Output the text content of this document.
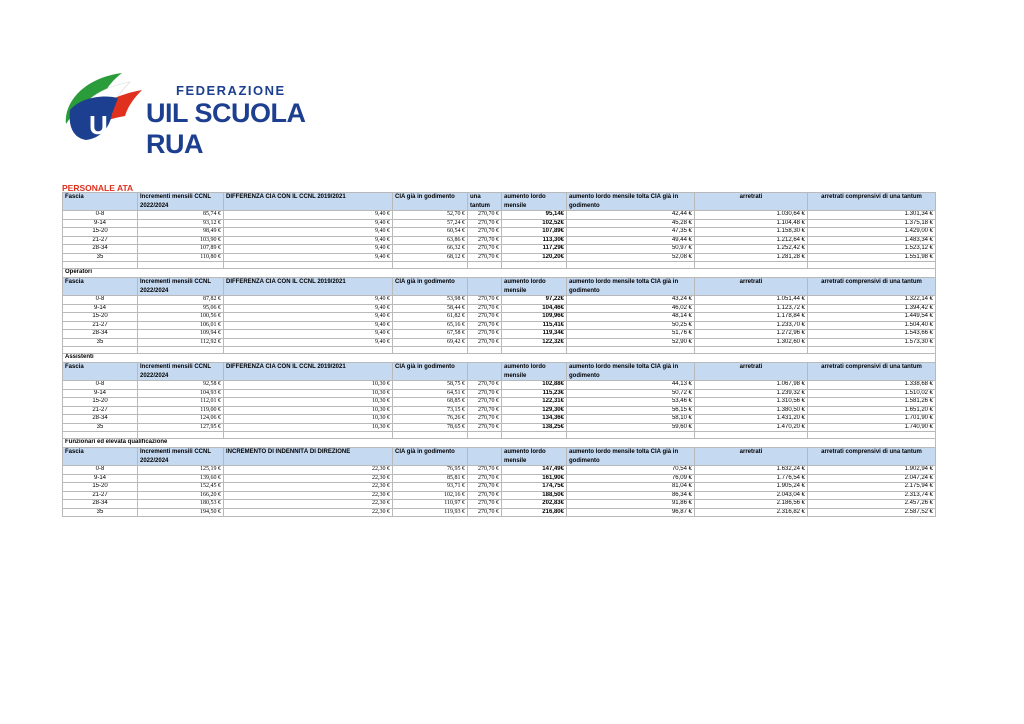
U
FEDERAZIONE
UIL SCUOLA RUA
PERSONALE ATA
Fascia	Incrementi mensili CCNL 2022/2024	DIFFERENZA CIA CON IL CCNL 2019/2021	CIA già in godimento	una tantum	aumento lordo mensile	aumento lordo mensile tolta CIA già in godimento	arretrati	arretrati comprensivi di una tantum
0-8	85,74 €	9,40 €	52,70 €	270,70 €	95,14€	42,44 €	1.030,64 €	1.301,34 €
9-14	93,12 €	9,40 €	57,24 €	270,70 €	102,52€	45,28 €	1.104,48 €	1.375,18 €
15-20	98,49 €	9,40 €	60,54 €	270,70 €	107,89€	47,35 €	1.158,30 €	1.429,00 €
21-27	103,90 €	9,40 €	63,86 €	270,70 €	113,30€	49,44 €	1.212,64 €	1.483,34 €
28-34	107,89 €	9,40 €	66,32 €	270,70 €	117,29€	50,97 €	1.252,42 €	1.523,12 €
35	110,80 €	9,40 €	68,12 €	270,70 €	120,20€	52,08 €	1.281,28 €	1.551,98 €

Operatori								
Fascia	Incrementi mensili CCNL 2022/2024	DIFFERENZA CIA CON IL CCNL 2019/2021	CIA già in godimento		aumento lordo mensile	aumento lordo mensile tolta CIA già in godimento	arretrati	arretrati comprensivi di una tantum
0-8	87,82 €	9,40 €	53,98 €	270,70 €	97,22€	43,24 €	1.051,44 €	1.322,14 €
9-14	95,06 €	9,40 €	58,44 €	270,70 €	104,46€	46,02 €	1.123,72 €	1.394,42 €
15-20	100,56 €	9,40 €	61,82 €	270,70 €	109,96€	48,14 €	1.178,84 €	1.449,54 €
21-27	106,01 €	9,40 €	65,16 €	270,70 €	115,41€	50,25 €	1.233,70 €	1.504,40 €
28-34	109,94 €	9,40 €	67,58 €	270,70 €	119,34€	51,76 €	1.272,96 €	1.543,66 €
35	112,92 €	9,40 €	69,42 €	270,70 €	122,32€	52,90 €	1.302,60 €	1.573,30 €

Assistenti								
Fascia	Incrementi mensili CCNL 2022/2024	DIFFERENZA CIA CON IL CCNL 2019/2021	CIA già in godimento		aumento lordo mensile	aumento lordo mensile tolta CIA già in godimento	arretrati	arretrati comprensivi di una tantum
0-8	92,58 €	10,30 €	58,75 €	270,70 €	102,88€	44,13 €	1.067,98 €	1.338,68 €
9-14	104,93 €	10,30 €	64,51 €	270,70 €	115,23€	50,72 €	1.239,32 €	1.510,02 €
15-20	112,01 €	10,30 €	68,85 €	270,70 €	122,31€	53,46 €	1.310,56 €	1.581,26 €
21-27	119,00 €	10,30 €	73,15 €	270,70 €	129,30€	56,15 €	1.380,50 €	1.651,20 €
28-34	124,06 €	10,30 €	76,26 €	270,70 €	134,36€	58,10 €	1.431,20 €	1.701,90 €
35	127,95 €	10,30 €	78,65 €	270,70 €	138,25€	59,60 €	1.470,20 €	1.740,90 €

Funzionari ed elevata qualificazione								
Fascia	Incrementi mensili CCNL 2022/2024	INCREMENTO DI INDENNITÀ DI DIREZIONE	CIA già in godimento		aumento lordo mensile	aumento lordo mensile tolta CIA già in godimento	arretrati	arretrati comprensivi di una tantum
0-8	125,19 €	22,30 €	76,95 €	270,70 €	147,49€	70,54 €	1.632,24 €	1.902,94 €
9-14	139,60 €	22,30 €	85,81 €	270,70 €	161,90€	76,09 €	1.776,54 €	2.047,24 €
15-20	152,45 €	22,30 €	93,71 €	270,70 €	174,75€	81,04 €	1.905,24 €	2.175,94 €
21-27	166,20 €	22,30 €	102,16 €	270,70 €	188,50€	86,34 €	2.043,04 €	2.313,74 €
28-34	180,53 €	22,30 €	110,97 €	270,70 €	202,83€	91,86 €	2.186,56 €	2.457,26 €
35	194,50 €	22,30 €	119,93 €	270,70 €	216,80€	96,87 €	2.316,82 €	2.587,52 €
